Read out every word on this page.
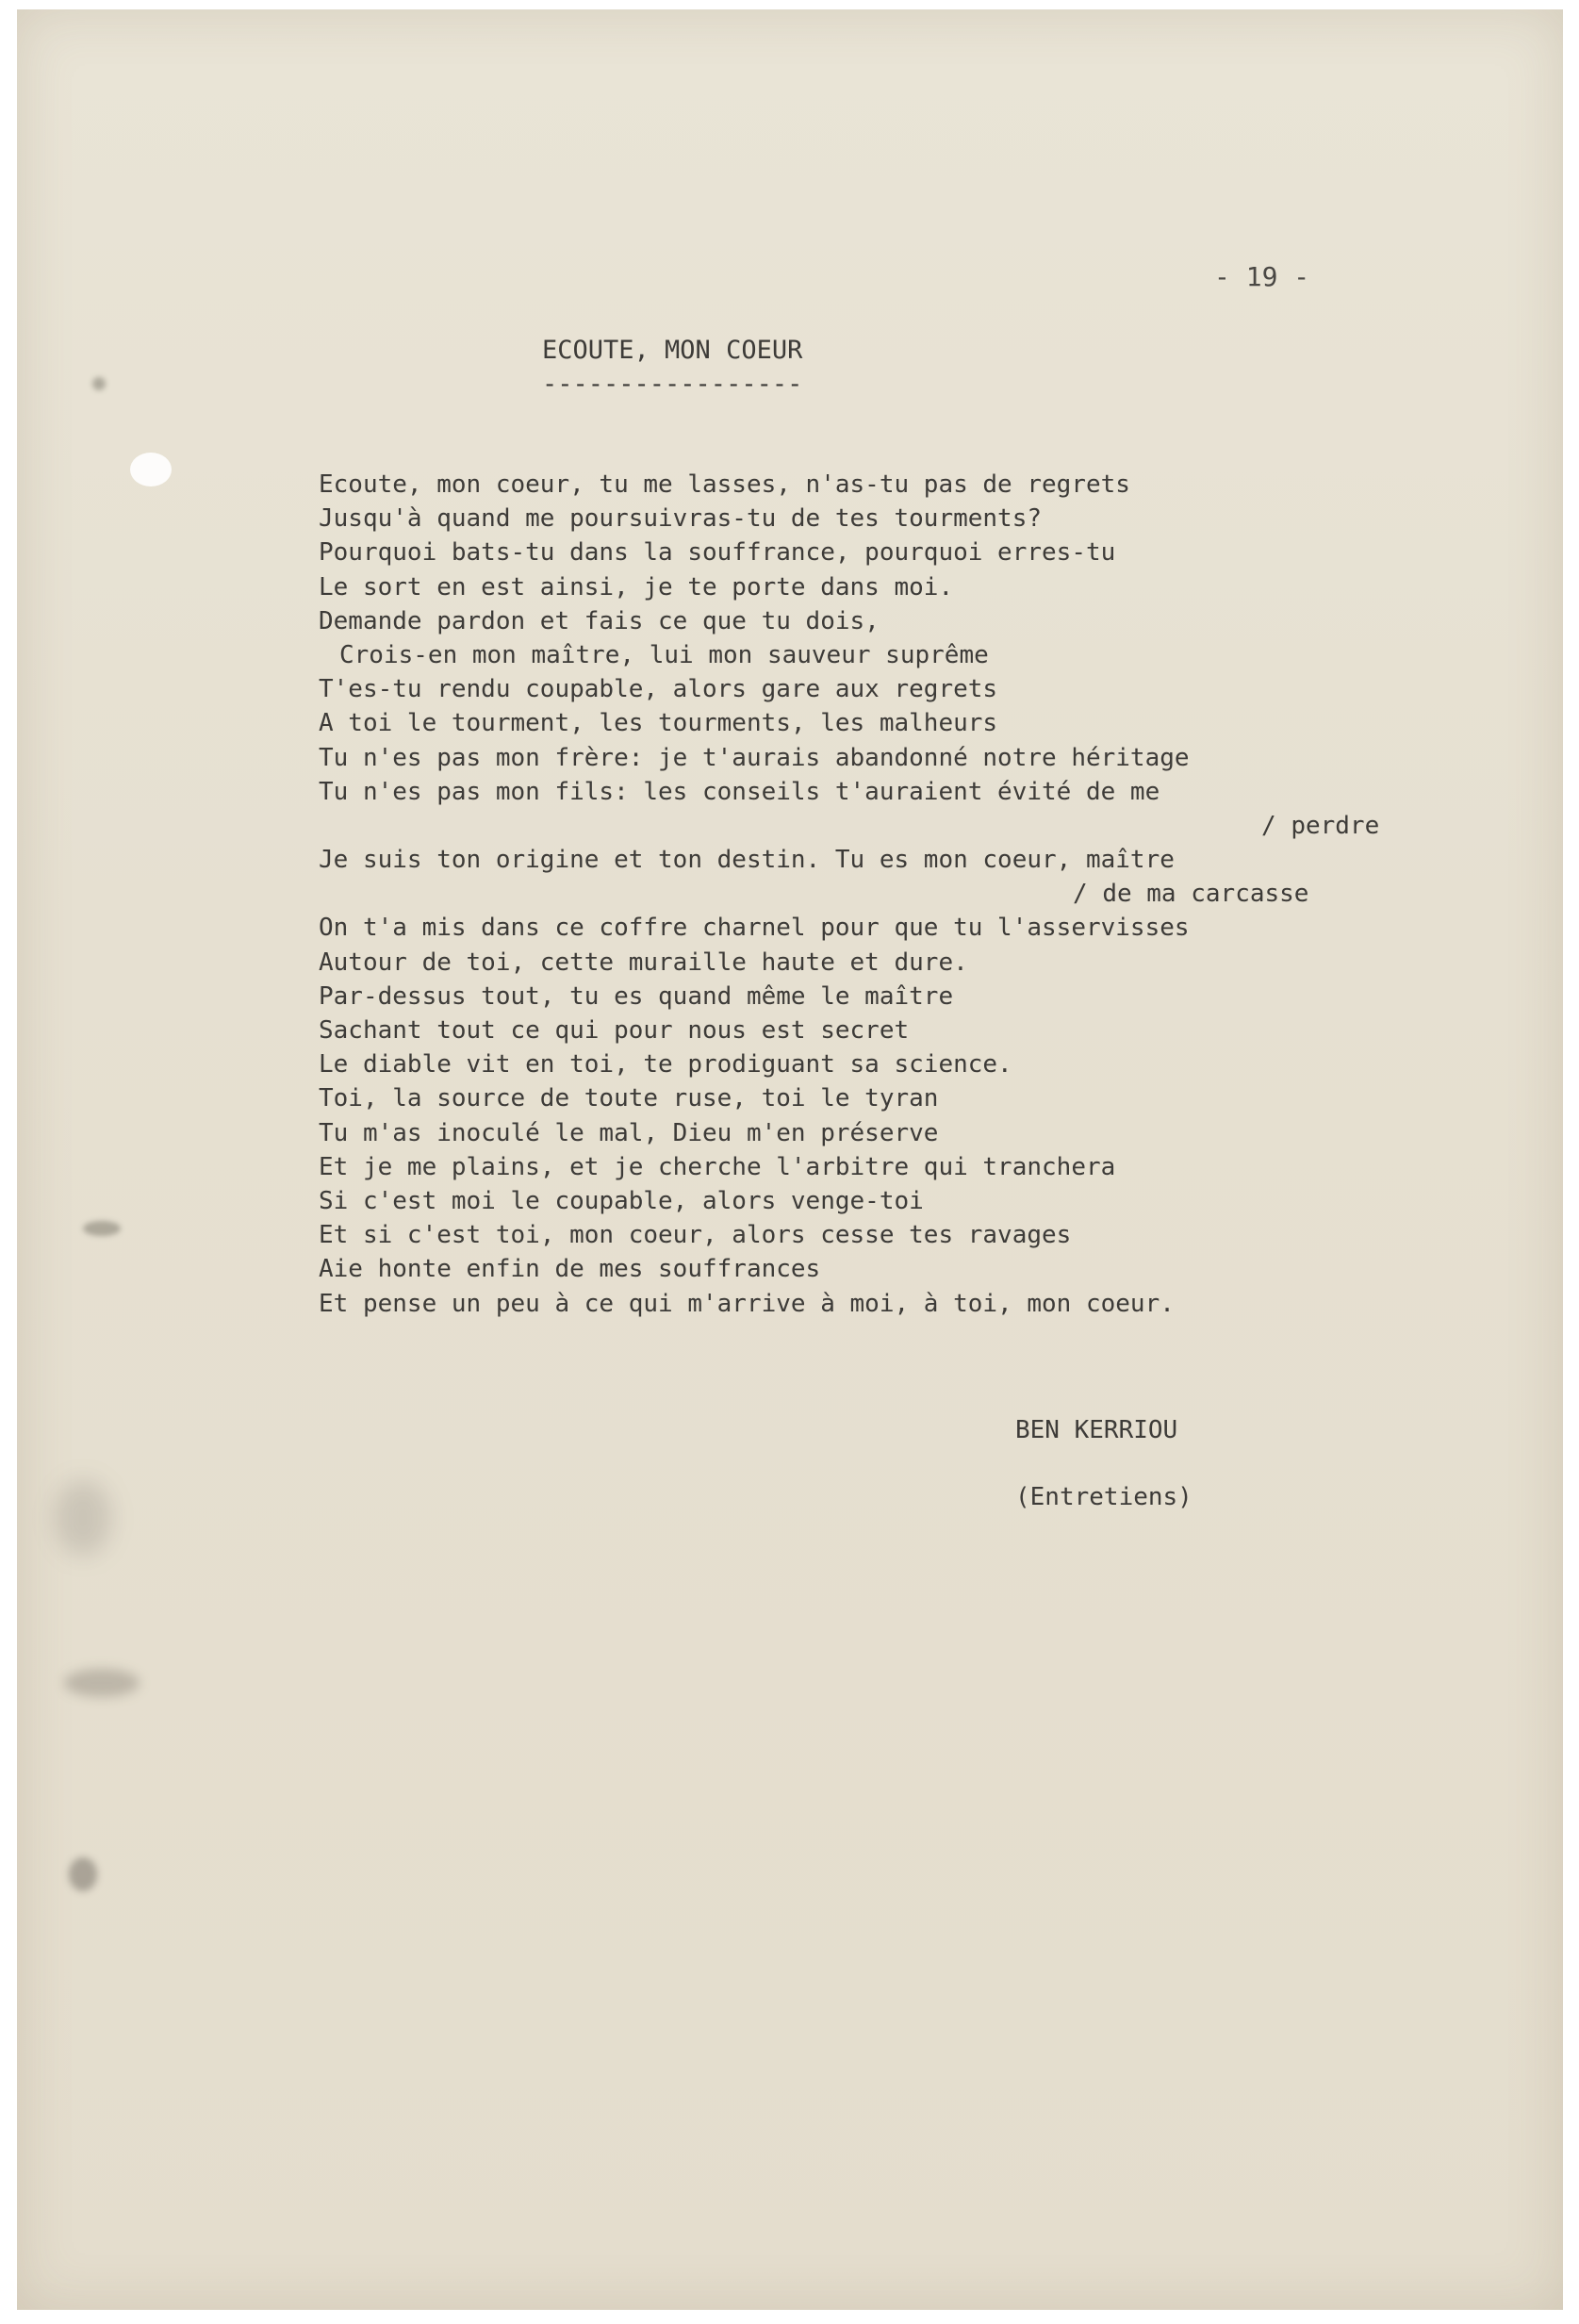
- 19 -
ECOUTE, MON COEUR
-----------------
Ecoute, mon coeur, tu me lasses, n'as-tu pas de regrets
Jusqu'à quand me poursuivras-tu de tes tourments?
Pourquoi bats-tu dans la souffrance, pourquoi erres-tu
Le sort en est ainsi, je te porte dans moi.
Demande pardon et fais ce que tu dois,
Crois-en mon maître, lui mon sauveur suprême
T'es-tu rendu coupable, alors gare aux regrets
A toi le tourment, les tourments, les malheurs
Tu n'es pas mon frère: je t'aurais abandonné notre héritage
Tu n'es pas mon fils: les conseils t'auraient évité de me
/ perdre
Je suis ton origine et ton destin. Tu es mon coeur, maître
/ de ma carcasse
On t'a mis dans ce coffre charnel pour que tu l'asservisses
Autour de toi, cette muraille haute et dure.
Par-dessus tout, tu es quand même le maître
Sachant tout ce qui pour nous est secret
Le diable vit en toi, te prodiguant sa science.
Toi, la source de toute ruse, toi le tyran
Tu m'as inoculé le mal, Dieu m'en préserve
Et je me plains, et je cherche l'arbitre qui tranchera
Si c'est moi le coupable, alors venge-toi
Et si c'est toi, mon coeur, alors cesse tes ravages
Aie honte enfin de mes souffrances
Et pense un peu à ce qui m'arrive à moi, à toi, mon coeur.
BEN KERRIOU
(Entretiens)
